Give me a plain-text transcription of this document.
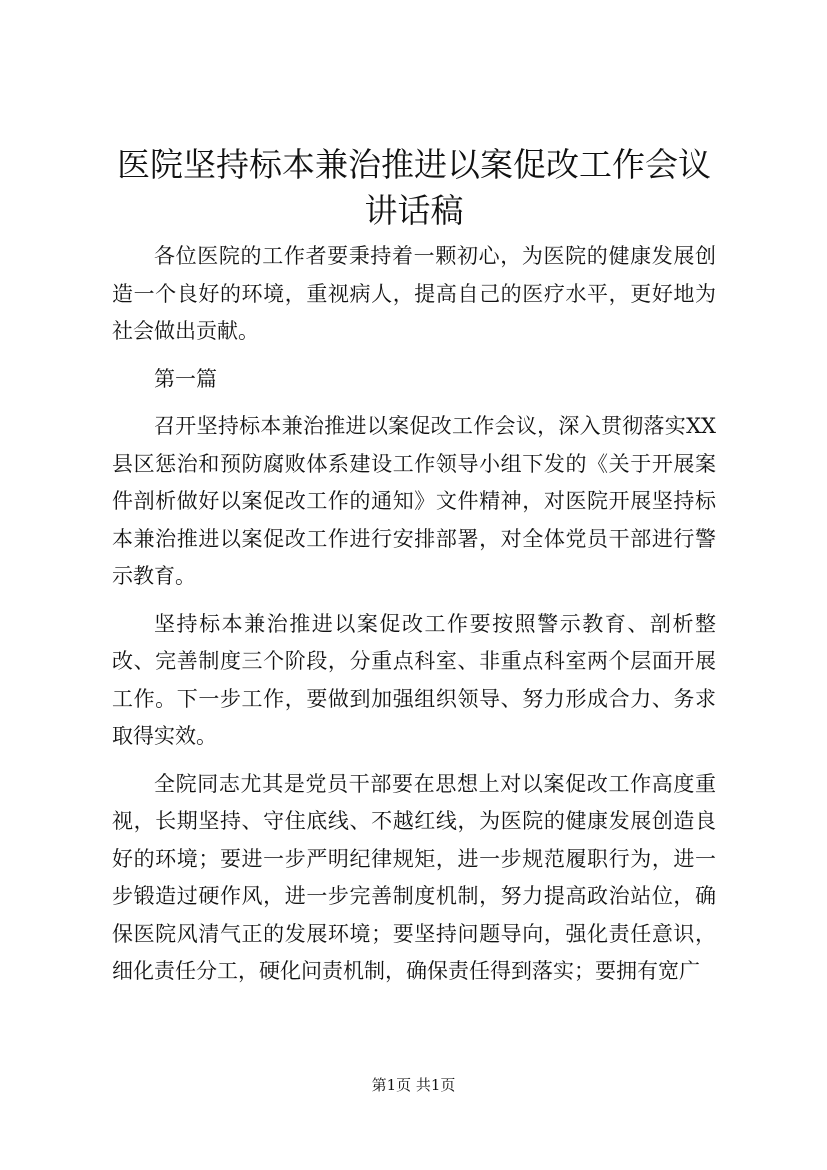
医院坚持标本兼治推进以案促改工作会议讲话稿

各位医院的工作者要秉持着一颗初心，为医院的健康发展创造一个良好的环境，重视病人，提高自己的医疗水平，更好地为社会做出贡献。

第一篇

召开坚持标本兼治推进以案促改工作会议，深入贯彻落实XX县区惩治和预防腐败体系建设工作领导小组下发的《关于开展案件剖析做好以案促改工作的通知》文件精神，对医院开展坚持标本兼治推进以案促改工作进行安排部署，对全体党员干部进行警示教育。

坚持标本兼治推进以案促改工作要按照警示教育、剖析整改、完善制度三个阶段，分重点科室、非重点科室两个层面开展工作。下一步工作，要做到加强组织领导、努力形成合力、务求取得实效。

全院同志尤其是党员干部要在思想上对以案促改工作高度重视，长期坚持、守住底线、不越红线，为医院的健康发展创造良好的环境；要进一步严明纪律规矩，进一步规范履职行为，进一步锻造过硬作风，进一步完善制度机制，努力提高政治站位，确保医院风清气正的发展环境；要坚持问题导向，强化责任意识，细化责任分工，硬化问责机制，确保责任得到落实；要拥有宽广

第1页 共1页
